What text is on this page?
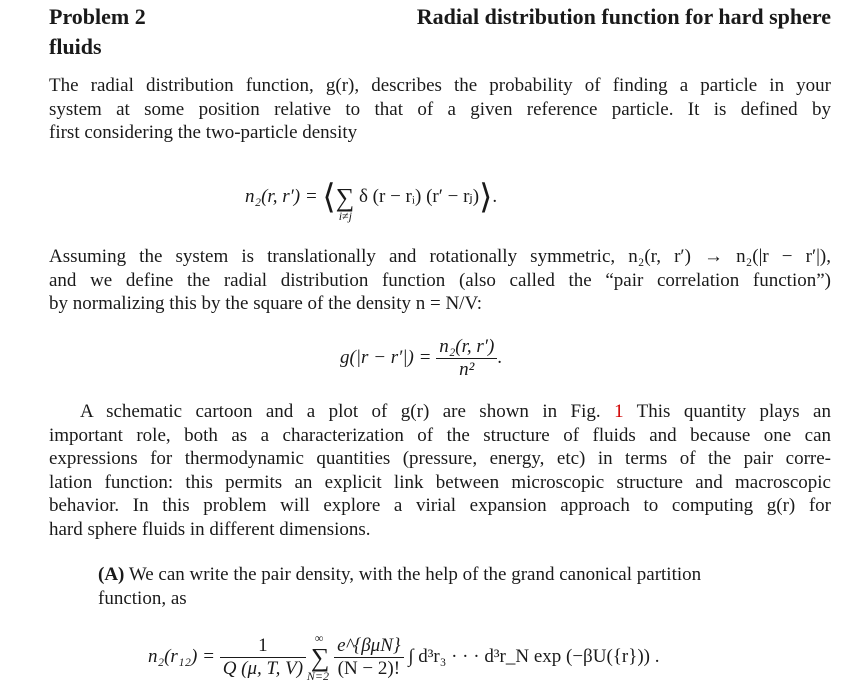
Problem 2	Radial distribution function for hard sphere
fluids
The radial distribution function, g(r), describes the probability of finding a particle in your
system at some position relative to that of a given reference particle. It is defined by
first considering the two-particle density
n₂(r, r′) = ⟨∑
i≠j
δ (r − rᵢ) (r′ − rⱼ)⟩.
Assuming the system is translationally and rotationally symmetric, n₂(r, r′) → n₂(|r − r′|),
and we define the radial distribution function (also called the “pair correlation function”)
by normalizing this by the square of the density n = N/V:
$g(|r - r'|) = \frac{\text{n₂(r, r′)}}{\text{n²}}$ .
A schematic cartoon and a plot of g(r) are shown in Fig. 1 This quantity plays an
important role, both as a characterization of the structure of fluids and because one can
expressions for thermodynamic quantities (pressure, energy, etc) in terms of the pair corre-
lation function: this permits an explicit link between microscopic structure and macroscopic
behavior. In this problem will explore a virial expansion approach to computing g(r) for
hard sphere fluids in different dimensions.
(A) We can write the pair density, with the help of the grand canonical partition
function, as
$n_2(r_{12}) = \frac{1}{Q (\mu, T, V)}$
∞
∑
N=2
$\frac{\text{e\textasciicircum{}\{βμN\}}}{(N - 2)!}$ ∫ d³r₃ · · · d³r_N exp (−βU({r})) .
